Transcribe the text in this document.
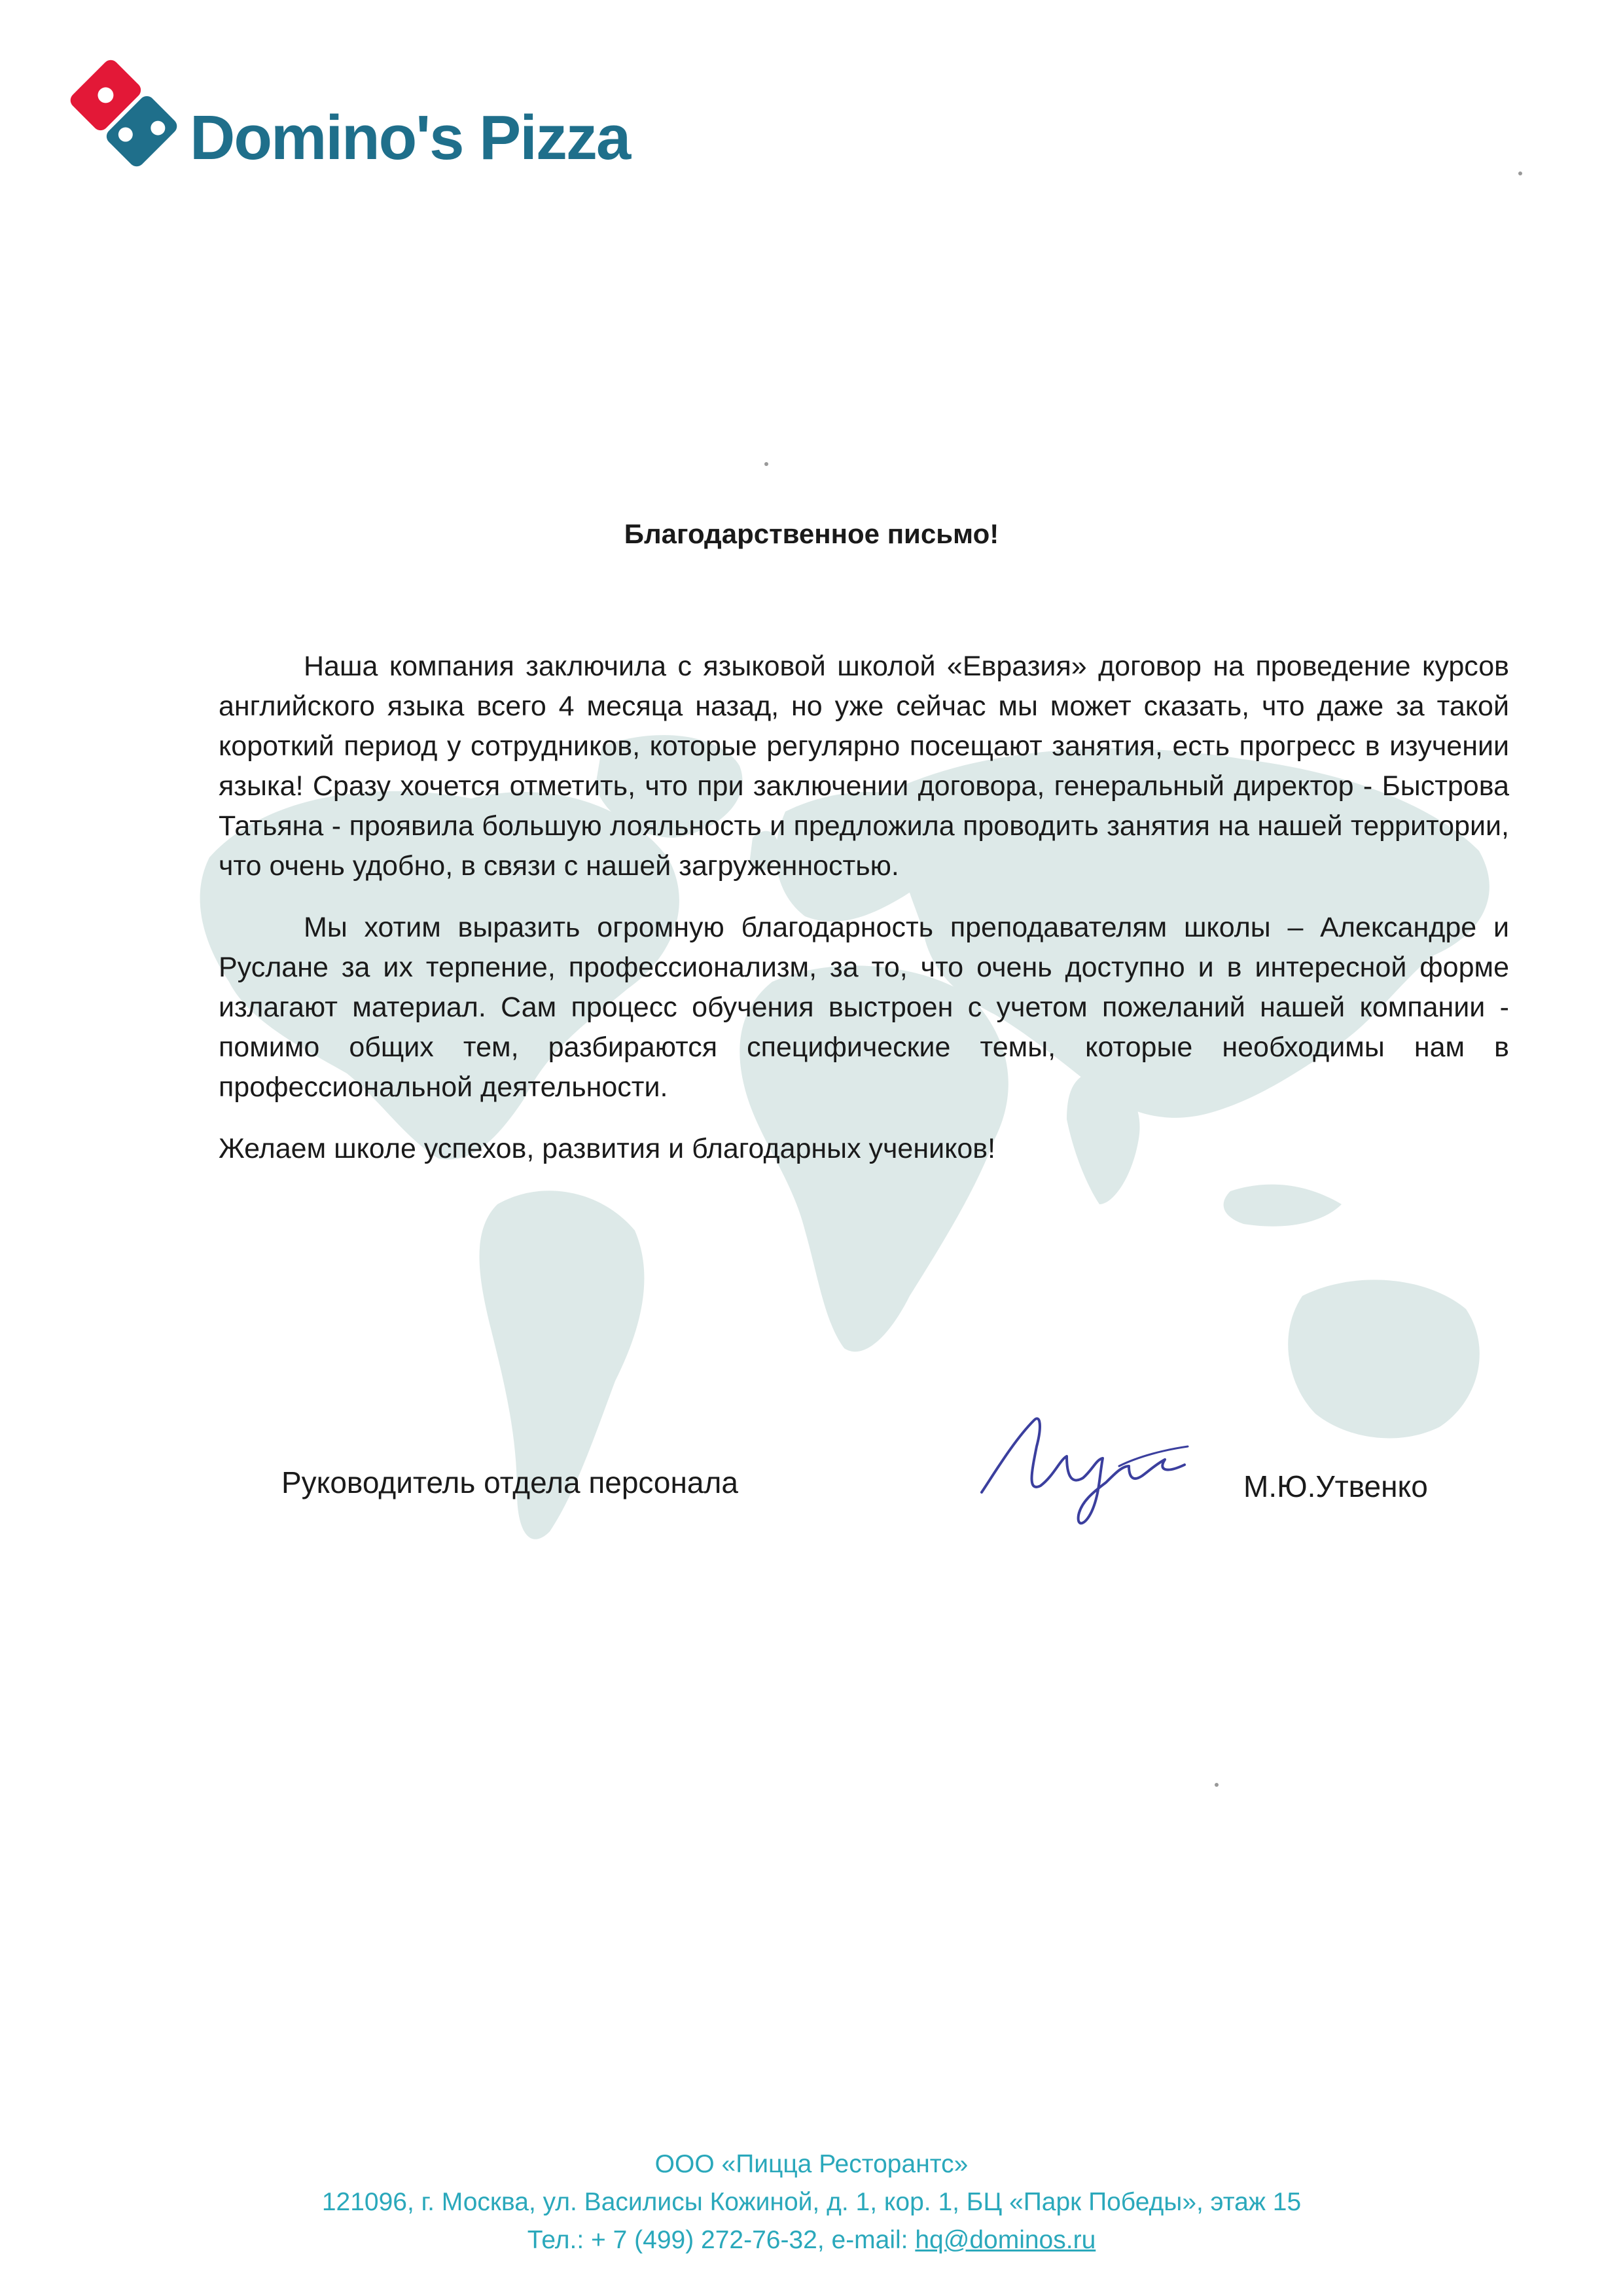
Domino's Pizza
Благодарственное письмо!

Наша компания заключила с языковой школой «Евразия» договор на проведение курсов английского языка всего 4 месяца назад, но уже сейчас мы может сказать, что даже за такой короткий период у сотрудников, которые регулярно посещают занятия, есть прогресс в изучении языка! Сразу хочется отметить, что при заключении договора, генеральный директор - Быстрова Татьяна - проявила большую лояльность и предложила проводить занятия на нашей территории, что очень удобно, в связи с нашей загруженностью.

Мы хотим выразить огромную благодарность преподавателям школы – Александре и Руслане за их терпение, профессионализм, за то, что очень доступно и в интересной форме излагают материал. Сам процесс обучения выстроен с учетом пожеланий нашей компании - помимо общих тем, разбираются специфические темы, которые необходимы нам в профессиональной деятельности.

Желаем школе успехов, развития и благодарных учеников!

Руководитель отдела персонала	М.Ю.Утвенко
ООО «Пицца Ресторантс»
121096, г. Москва, ул. Василисы Кожиной, д. 1, кор. 1, БЦ «Парк Победы», этаж 15
Тел.: + 7 (499) 272-76-32, e-mail: hq@dominos.ru
